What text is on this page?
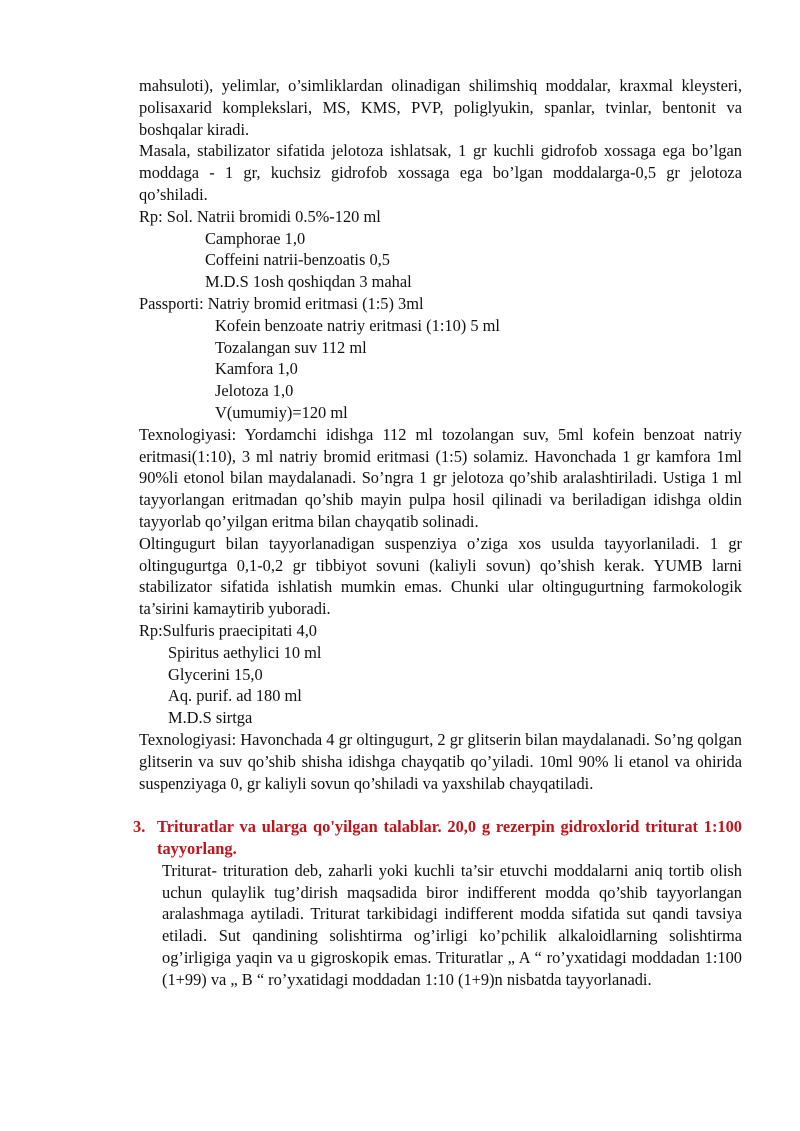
mahsuloti), yelimlar, o’simliklardan olinadigan shilimshiq moddalar, kraxmal kleysteri, polisaxarid komplekslari, MS, KMS, PVP, poliglyukin, spanlar, tvinlar, bentonit va boshqalar kiradi.
Masala, stabilizator sifatida jelotoza ishlatsak, 1 gr kuchli gidrofob xossaga ega bo’lgan moddaga - 1 gr, kuchsiz gidrofob xossaga ega bo’lgan moddalarga-0,5 gr jelotoza qo’shiladi.
Rp: Sol. Natrii bromidi 0.5%-120 ml
Camphorae 1,0
Coffeini natrii-benzoatis 0,5
M.D.S 1osh qoshiqdan 3 mahal
Passporti: Natriy bromid eritmasi (1:5) 3ml
Kofein benzoate natriy eritmasi (1:10) 5 ml
Tozalangan suv 112 ml
Kamfora 1,0
Jelotoza 1,0
V(umumiy)=120 ml
Texnologiyasi: Yordamchi idishga 112 ml tozolangan suv, 5ml kofein benzoat natriy eritmasi(1:10), 3 ml natriy bromid eritmasi (1:5) solamiz. Havonchada 1 gr kamfora 1ml 90%li etonol bilan maydalanadi. So’ngra 1 gr jelotoza qo’shib aralashtiriladi. Ustiga 1 ml tayyorlangan eritmadan qo’shib mayin pulpa hosil qilinadi va beriladigan idishga oldin tayyorlab qo’yilgan eritma bilan chayqatib solinadi.
Oltingugurt bilan tayyorlanadigan suspenziya o’ziga xos usulda tayyorlaniladi. 1 gr oltingugurtga 0,1-0,2 gr tibbiyot sovuni (kaliyli sovun) qo’shish kerak. YUMB larni stabilizator sifatida ishlatish mumkin emas. Chunki ular oltingugurtning farmokologik ta’sirini kamaytirib yuboradi.
Rp:Sulfuris praecipitati 4,0
Spiritus aethylici 10 ml
Glycerini 15,0
Aq. purif. ad 180 ml
M.D.S sirtga
Texnologiyasi: Havonchada 4 gr oltingugurt, 2 gr glitserin bilan maydalanadi. So’ng qolgan glitserin va suv qo’shib shisha idishga chayqatib qo’yiladi. 10ml 90% li etanol va ohirida suspenziyaga 0, gr kaliyli sovun qo’shiladi va yaxshilab chayqatiladi.
3. Trituratlar va ularga qo'yilgan talablar. 20,0 g rezerpin gidroxlorid triturat 1:100 tayyorlang.
Triturat- trituration deb, zaharli yoki kuchli ta’sir etuvchi moddalarni aniq tortib olish uchun qulaylik tug’dirish maqsadida biror indifferent modda qo’shib tayyorlangan aralashmaga aytiladi. Triturat tarkibidagi indifferent modda sifatida sut qandi tavsiya etiladi. Sut qandining solishtirma og’irligi ko’pchilik alkaloidlarning solishtirma og’irligiga yaqin va u gigroskopik emas. Trituratlar „ A “ ro’yxatidagi moddadan 1:100 (1+99) va „ B “ ro’yxatidagi moddadan 1:10 (1+9)n nisbatda tayyorlanadi.
